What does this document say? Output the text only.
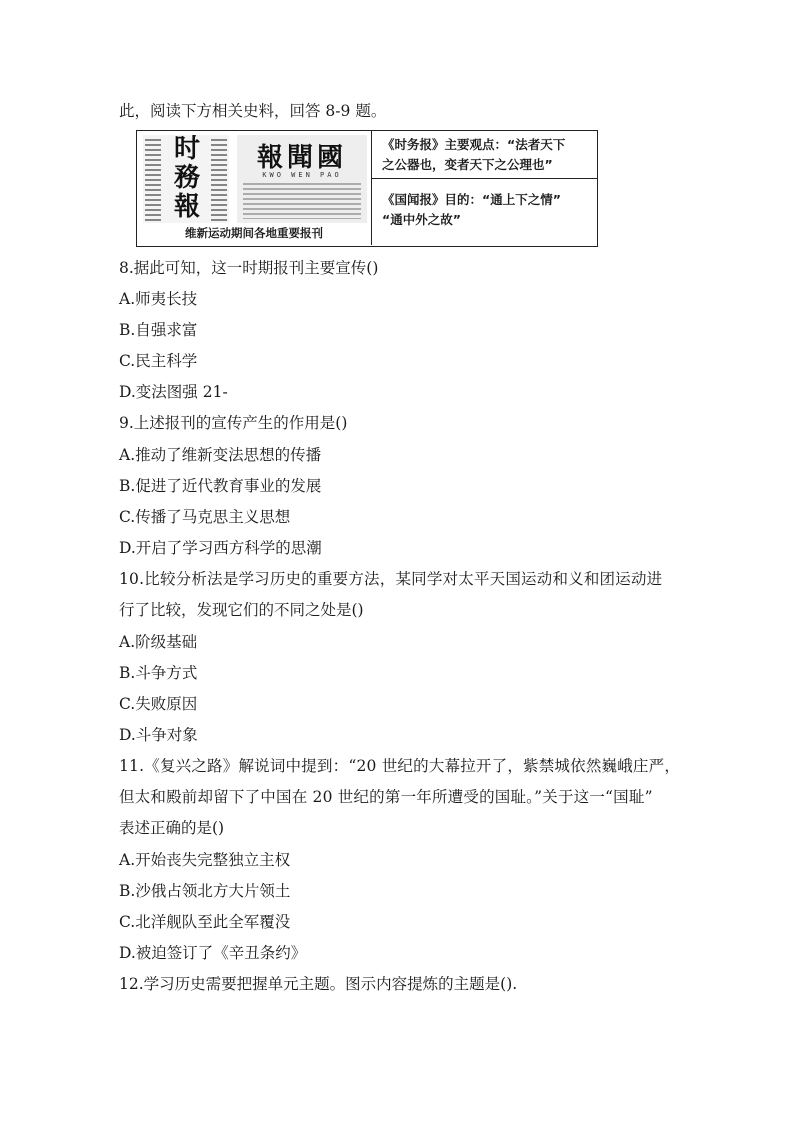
此，阅读下方相关史料，回答 8-9 题。
时
務
報
報聞國
KWO WEN PAO
维新运动期间各地重要报刊
《时务报》主要观点：“法者天下
之公器也，变者天下之公理也”
《国闻报》目的：“通上下之情”
“通中外之故”
8.据此可知，这一时期报刊主要宣传()
A.师夷长技
B.自强求富
C.民主科学
D.变法图强 21-
9.上述报刊的宣传产生的作用是()
A.推动了维新变法思想的传播
B.促进了近代教育事业的发展
C.传播了马克思主义思想
D.开启了学习西方科学的思潮
10.比较分析法是学习历史的重要方法，某同学对太平天国运动和义和团运动进
行了比较，发现它们的不同之处是()
A.阶级基础
B.斗争方式
C.失败原因
D.斗争对象
11.《复兴之路》解说词中提到：“20 世纪的大幕拉开了，紫禁城依然巍峨庄严，
但太和殿前却留下了中国在 20 世纪的第一年所遭受的国耻。”关于这一“国耻”
表述正确的是()
A.开始丧失完整独立主权
B.沙俄占领北方大片领土
C.北洋舰队至此全军覆没
D.被迫签订了《辛丑条约》
12.学习历史需要把握单元主题。图示内容提炼的主题是().
